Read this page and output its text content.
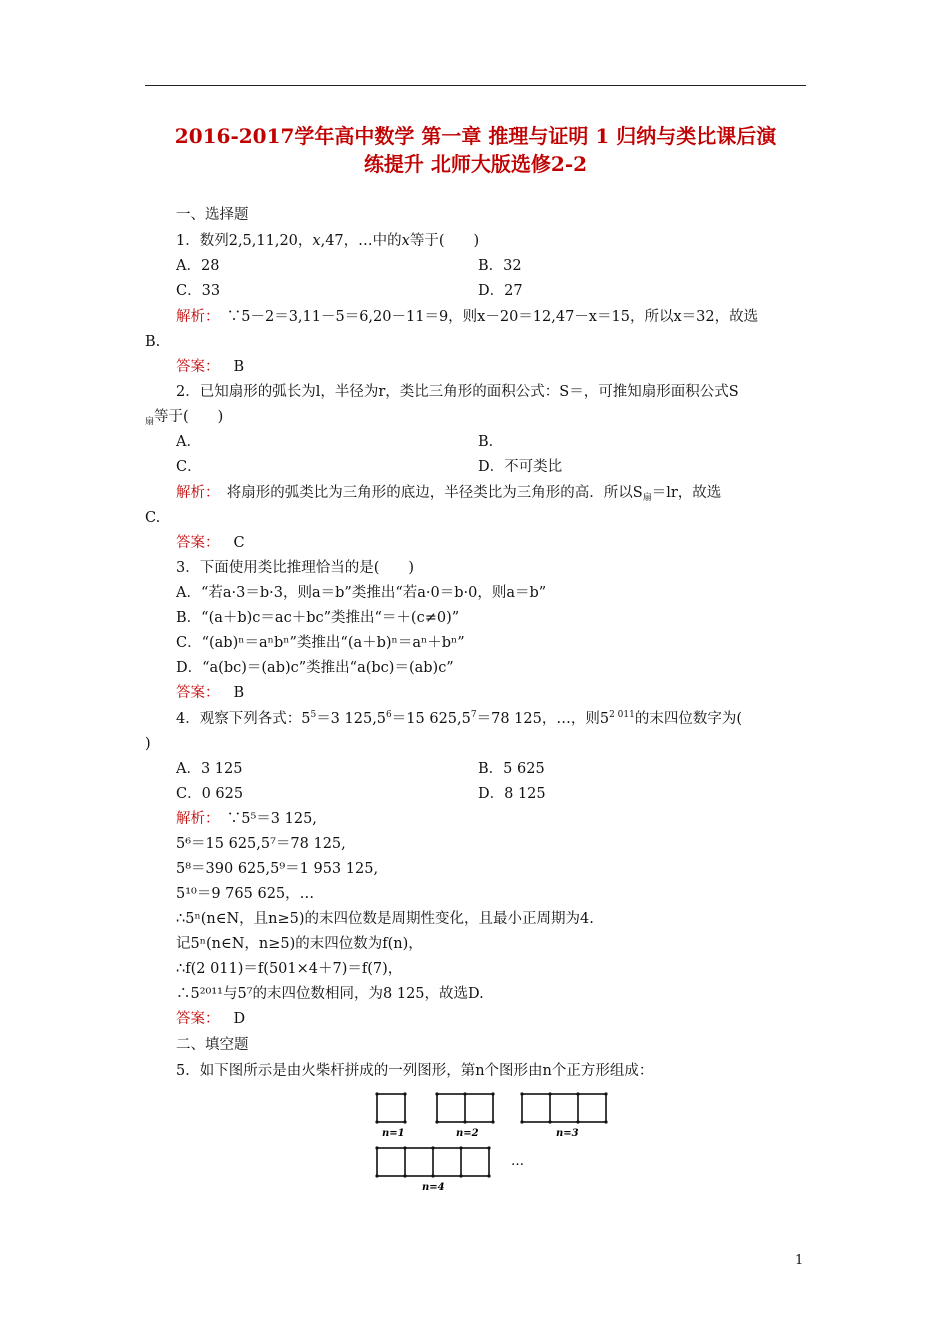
2016-2017学年高中数学 第一章 推理与证明 1 归纳与类比课后演
练提升 北师大版选修2-2
一、选择题
1．数列2,5,11,20，x,47，…中的x等于(　　)
A．28	B．32
C．33	D．27
解析：　 ∵5－2＝3,11－5＝6,20－11＝9，则x－20＝12,47－x＝15，所以x＝32，故选
B.
答案： B
2．已知扇形的弧长为l，半径为r，类比三角形的面积公式：S＝，可推知扇形面积公式S
$_扇$等于(　　)
A．	B．
C．	D．不可类比
解析：　 将扇形的弧类比为三角形的底边，半径类比为三角形的高．所以$S_扇=lr$，故选
C.
答案： C
3．下面使用类比推理恰当的是(　　)
A．“若a·3＝b·3，则a＝b”类推出“若a·0＝b·0，则a＝b”
B．“(a＋b)c＝ac＋bc”类推出“＝＋(c≠0)”
C．“(ab)ⁿ＝aⁿbⁿ”类推出“(a＋b)ⁿ＝aⁿ＋bⁿ”
D．“a(bc)＝(ab)c”类推出“a(bc)＝(ab)c”
答案： B
4．观察下列各式：$5^5=3$ $125,5^6=15$ $625,5^7=78$ 125，…，则$5^{2 011}$的末四位数字为(
)
A．3 125	B．5 625
C．0 625	D．8 125
解析：　 ∵5⁵＝3 125,
5⁶＝15 625,5⁷＝78 125,
5⁸＝390 625,5⁹＝1 953 125,
5¹⁰＝9 765 625，…
∴5ⁿ(n∈N，且n≥5)的末四位数是周期性变化，且最小正周期为4.
记5ⁿ(n∈N，n≥5)的末四位数为f(n)，
∴f(2 011)＝f(501×4＋7)＝f(7)，
∴5²⁰¹¹与5⁷的末四位数相同，为8 125，故选D.
答案： D
二、填空题
5．如下图所示是由火柴杆拼成的一列图形，第n个图形由n个正方形组成：
n=1	n=2	n=3
n=4
…
1
